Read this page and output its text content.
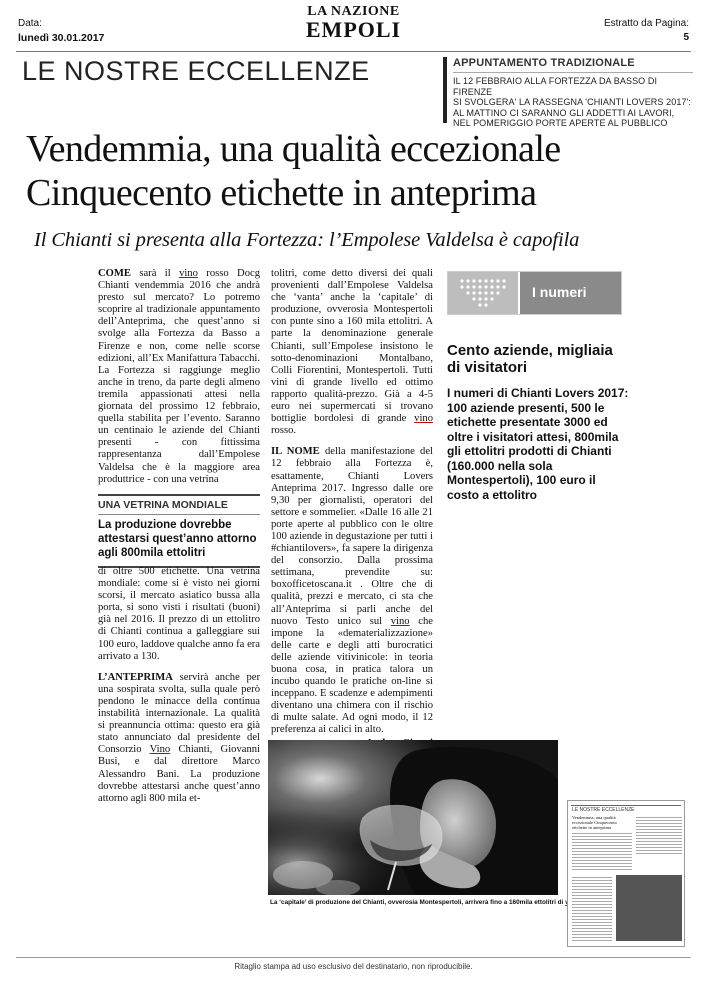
Data:
lunedì 30.01.2017
LA NAZIONE
EMPOLI	Estratto da Pagina:
5
LE NOSTRE ECCELLENZE	APPUNTAMENTO TRADIZIONALE
IL 12 FEBBRAIO ALLA FORTEZZA DA BASSO DI FIRENZE
SI SVOLGERA' LA RASSEGNA 'CHIANTI LOVERS 2017':
AL MATTINO CI SARANNO GLI ADDETTI AI LAVORI,
NEL POMERIGGIO PORTE APERTE AL PUBBLICO
Vendemmia, una qualità eccezionale
Cinquecento etichette in anteprima
Il Chianti si presenta alla Fortezza: l’Empolese Valdelsa è capofila

COME sarà il vino rosso Docg Chianti vendemmia 2016 che andrà presto sul mercato? Lo potremo scoprire al tradizionale appuntamento dell’Anteprima, che quest’anno si svolge alla Fortezza da Basso a Firenze e non, come nelle scorse edizioni, all’Ex Manifattura Tabacchi. La Fortezza si raggiunge meglio anche in treno, da parte degli almeno tremila appassionati attesi nella giornata del prossimo 12 febbraio, quella stabilita per l’evento. Saranno un centinaio le aziende del Chianti presenti - con fittissima rappresentanza dall’Empolese Valdelsa che è la maggiore area produttrice - con una vetrina

UNA VETRINA MONDIALE
La produzione dovrebbe attestarsi quest’anno attorno agli 800mila ettolitri

di oltre 500 etichette. Una vetrina mondiale: come si è visto nei giorni scorsi, il mercato asiatico bussa alla porta, si sono visti i risultati (buoni) già nel 2016. Il prezzo di un ettolitro di Chianti continua a galleggiare sui 100 euro, laddove qualche anno fa era arrivato a 130.

L’ANTEPRIMA servirà anche per una sospirata svolta, sulla quale però pendono le minacce della continua instabilità internazionale. La qualità si preannuncia ottima: questo era già stato annunciato dal presidente del Consorzio Vino Chianti, Giovanni Busi, e dal direttore Marco Alessandro Bani. La produzione dovrebbe attestarsi anche quest’anno attorno agli 800 mila et-

tolitri, come detto diversi dei quali provenienti dall’Empolese Valdelsa che ‘vanta’ anche la ‘capitale’ di produzione, ovverosia Montespertoli con punte sino a 160 mila ettolitri. A parte la denominazione generale Chianti, sull’Empolese insistono le sotto-denominazioni Montalbano, Colli Fiorentini, Montespertoli. Tutti vini di grande livello ed ottimo rapporto qualità-prezzo. Già a 4-5 euro nei supermercati si trovano bottiglie bordolesi di grande vino rosso.

IL NOME della manifestazione del 12 febbraio alla Fortezza è, esattamente, Chianti Lovers Anteprima 2017. Ingresso dalle ore 9,30 per giornalisti, operatori del settore e sommelier. «Dalle 16 alle 21 porte aperte al pubblico con le oltre 100 aziende in degustazione per tutti i #chiantilovers», fa sapere la dirigenza del consorzio. Dalla prossima settimana, prevendite su: boxofficetoscana.it . Oltre che di qualità, prezzi e mercato, ci sta che all’Anteprima si parli anche del nuovo Testo unico sul vino che impone la «dematerializzazione» delle carte e degli atti burocratici delle aziende vitivinicole: in teoria buona cosa, in pratica talora un incubo quando le pratiche on-line si inceppano. E scadenze e adempimenti diventano una chimera con il rischio di multe salate. Ad ogni modo, il 12 preferenza ai calici in alto.

I numeri
Cento aziende, migliaia di visitatori
I numeri di Chianti Lovers 2017: 100 aziende presenti, 500 le etichette presentate 3000 ed oltre i visitatori attesi, 800mila gli ettolitri prodotti di Chianti (160.000 nella sola Montespertoli), 100 euro il costo a ettolitro
La ‘capitale’ di produzione del Chianti, ovverosia Montespertoli, arriverà fino a 160mila ettolitri di
LE NOSTRE ECCELLENZE
Vendemmia, una qualità eccezionale Cinquecento etichette in anteprima
Ritaglio stampa ad uso esclusivo del destinatario, non riproducibile.
